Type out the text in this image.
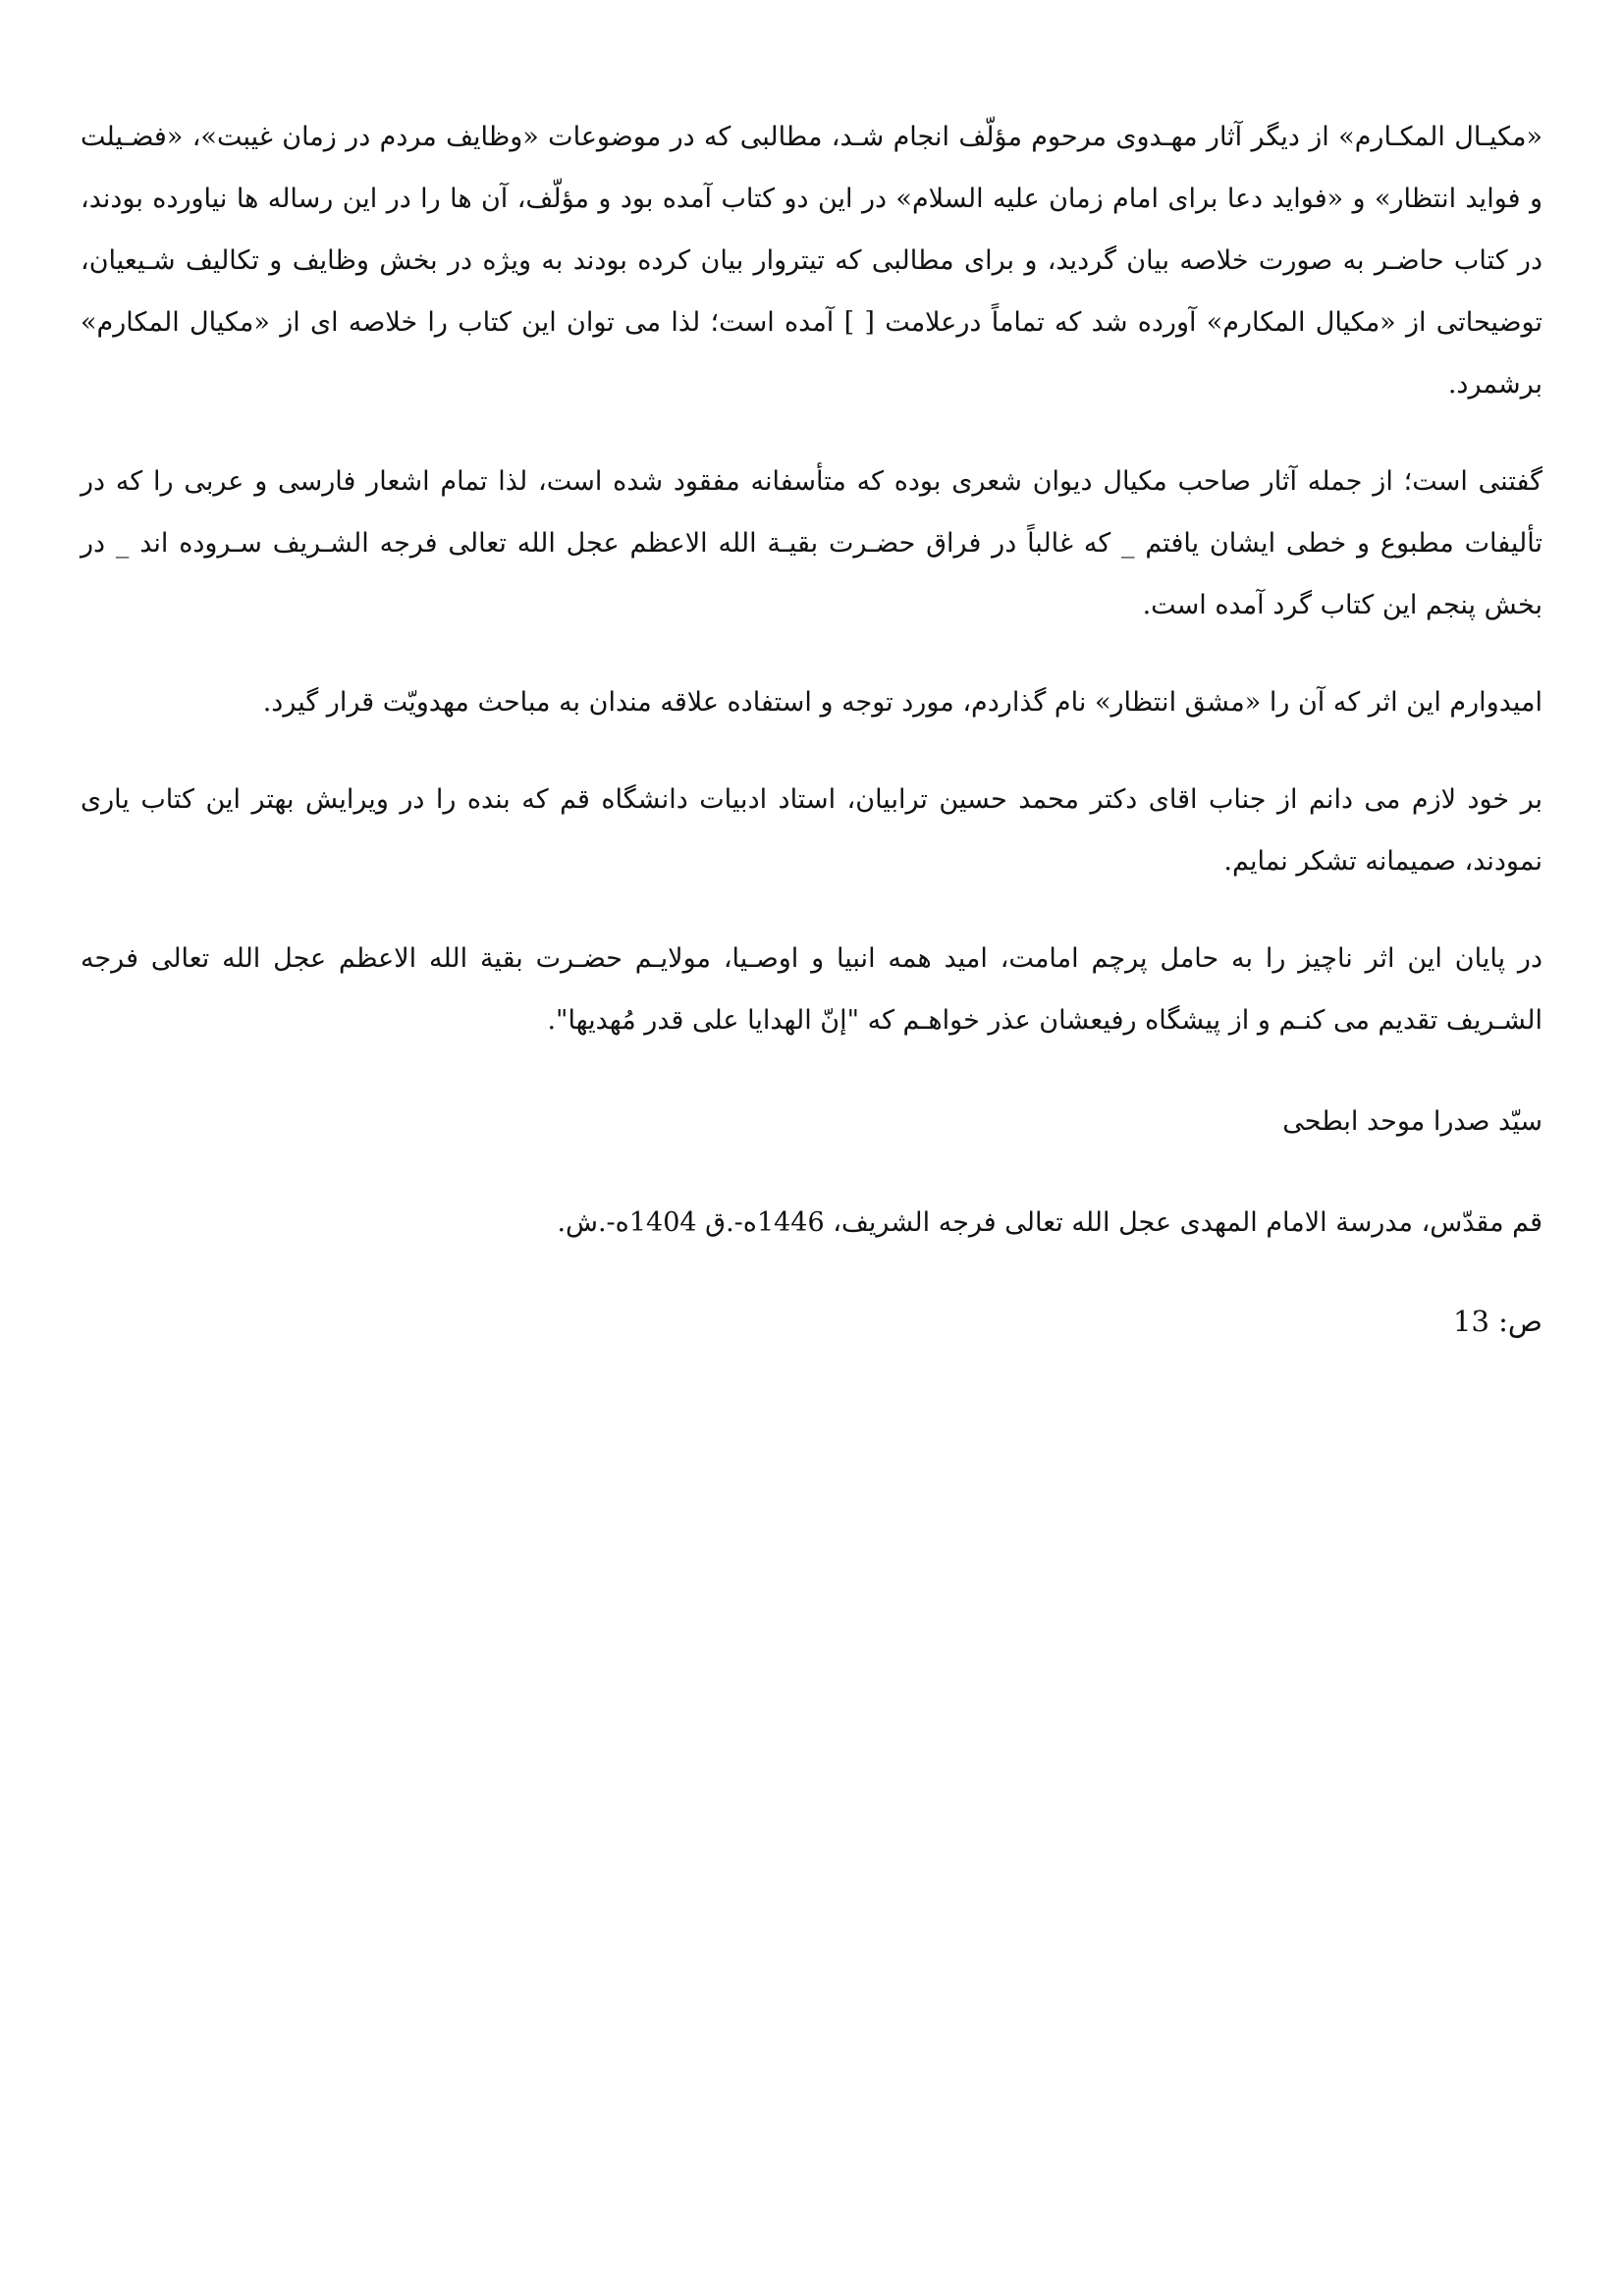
«مکیـال المکـارم» از دیگر آثار مهـدوی مرحوم مؤلّف انجام شـد، مطالبی که در موضوعات «وظایف مردم در زمان غیبت»، «فضـیلت و فواید انتظار» و «فواید دعا برای امام زمان علیه السلام» در این دو کتاب آمده بود و مؤلّف، آن ها را در این رساله ها نیاورده بودند، در کتاب حاضـر به صورت خلاصه بیان گردید، و برای مطالبی که تیتروار بیان کرده بودند به ویژه در بخش وظایف و تکالیف شـیعیان، توضیحاتی از «مکیال المکارم» آورده شد که تماماً درعلامت [ ] آمده است؛ لذا می توان این کتاب را خلاصه ای از «مکیال المکارم» برشمرد.

گفتنی است؛ از جمله آثار صاحب مکیال دیوان شعری بوده که متأسفانه مفقود شده است، لذا تمام اشعار فارسی و عربی را که در تألیفات مطبوع و خطی ایشان یافتم _ که غالباً در فراق حضـرت بقیـة الله الاعظم عجل الله تعالی فرجه الشـریف سـروده اند _ در بخش پنجم این کتاب گرد آمده است.

امیدوارم این اثر که آن را «مشق انتظار» نام گذاردم، مورد توجه و استفاده علاقه مندان به مباحث مهدویّت قرار گیرد.

بر خود لازم می دانم از جناب اقای دکتر محمد حسین ترابیان، استاد ادبیات دانشگاه قم که بنده را در ویرایش بهتر این کتاب یاری نمودند، صمیمانه تشکر نمایم.

در پایان این اثر ناچیز را به حامل پرچم امامت، امید همه انبیا و اوصـیا، مولایـم حضـرت بقیة الله الاعظم عجل الله تعالی فرجه الشـریف تقدیم می کنـم و از پیشگاه رفیعشان عذر خواهـم که "إنّ الهدایا علی قدر مُهدیها".

سیّد صدرا موحد ابطحی

قم مقدّس، مدرسة الامام المهدی عجل الله تعالی فرجه الشریف، 1446ه-.ق 1404ه-.ش.

ص: 13
